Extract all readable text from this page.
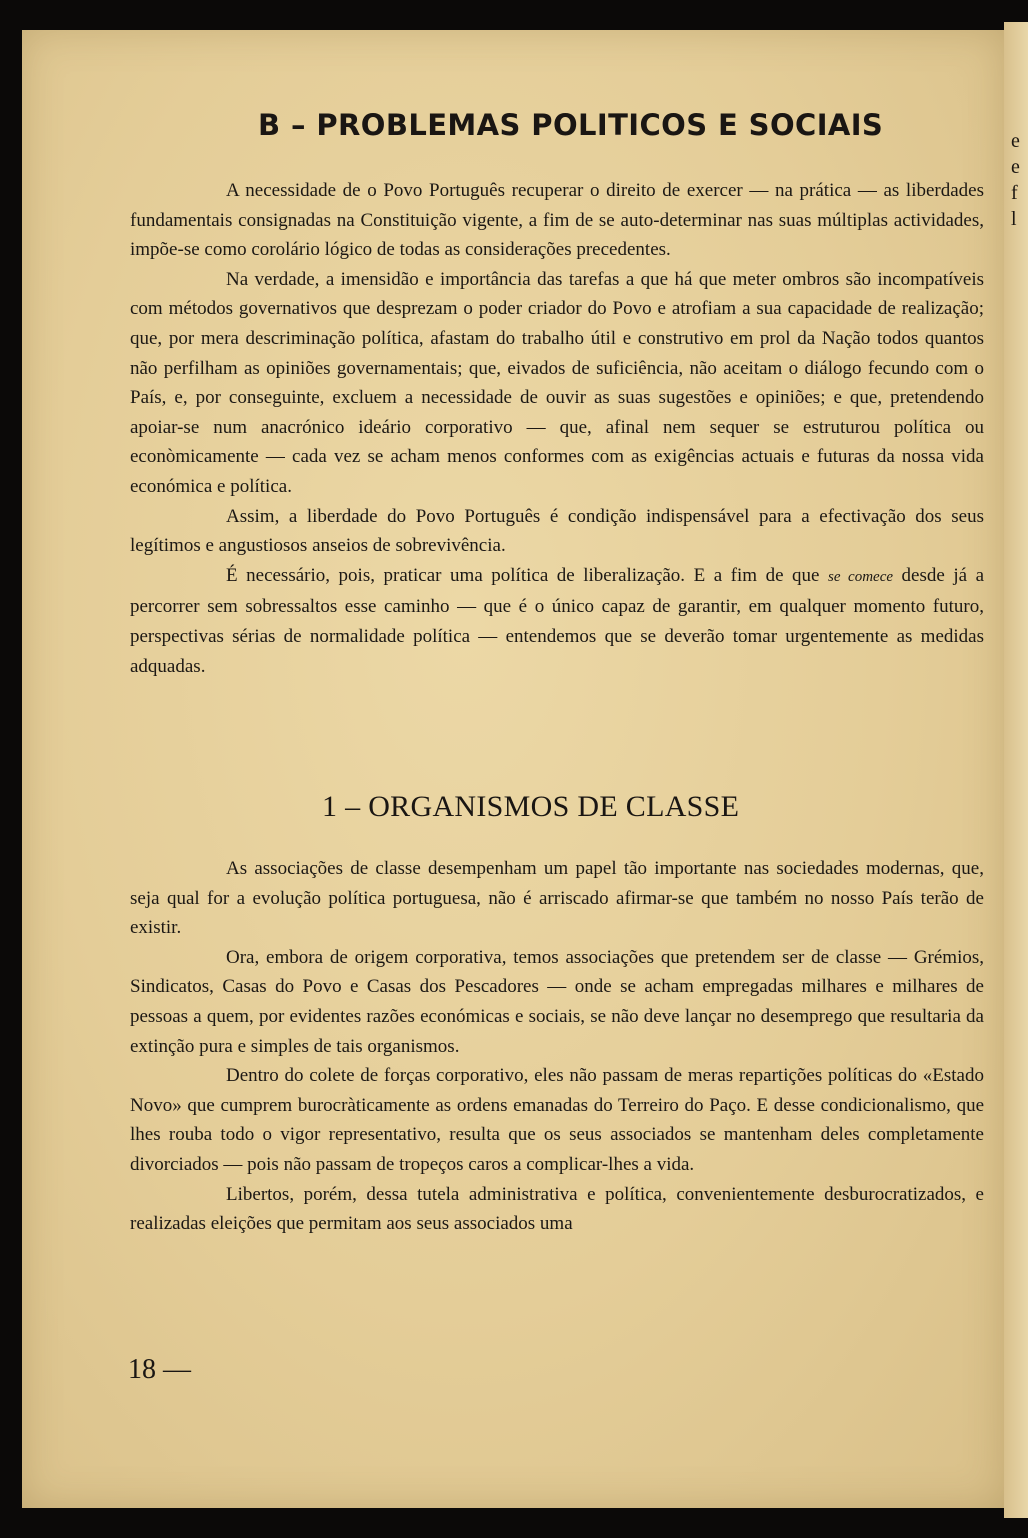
e
e
f
l
B – PROBLEMAS POLITICOS E SOCIAIS

A necessidade de o Povo Português recuperar o direito de exercer — na prática — as liberdades fundamentais consignadas na Constituição vigente, a fim de se auto-determinar nas suas múltiplas actividades, impõe-se como corolário lógico de todas as considerações precedentes.

Na verdade, a imensidão e importância das tarefas a que há que meter ombros são incompatíveis com métodos governativos que desprezam o poder criador do Povo e atrofiam a sua capacidade de realização; que, por mera descriminação política, afastam do trabalho útil e construtivo em prol da Nação todos quantos não perfilham as opiniões governamentais; que, eivados de suficiência, não aceitam o diálogo fecundo com o País, e, por conseguinte, excluem a necessidade de ouvir as suas sugestões e opiniões; e que, pretendendo apoiar-se num anacrónico ideário corporativo — que, afinal nem sequer se estruturou política ou econòmicamente — cada vez se acham menos conformes com as exigências actuais e futuras da nossa vida económica e política.

Assim, a liberdade do Povo Português é condição indispensável para a efectivação dos seus legítimos e angustiosos anseios de sobrevivência.

É necessário, pois, praticar uma política de liberalização. E a fim de que se comece desde já a percorrer sem sobressaltos esse caminho — que é o único capaz de garantir, em qualquer momento futuro, perspectivas sérias de normalidade política — entendemos que se deverão tomar urgentemente as medidas adquadas.

1 – ORGANISMOS DE CLASSE

As associações de classe desempenham um papel tão importante nas sociedades modernas, que, seja qual for a evolução política portuguesa, não é arriscado afirmar-se que também no nosso País terão de existir.

Ora, embora de origem corporativa, temos associações que pretendem ser de classe — Grémios, Sindicatos, Casas do Povo e Casas dos Pescadores — onde se acham empregadas milhares e milhares de pessoas a quem, por evidentes razões económicas e sociais, se não deve lançar no desemprego que resultaria da extinção pura e simples de tais organismos.

Dentro do colete de forças corporativo, eles não passam de meras repartições políticas do «Estado Novo» que cumprem burocràticamente as ordens emanadas do Terreiro do Paço. E desse condicionalismo, que lhes rouba todo o vigor representativo, resulta que os seus associados se mantenham deles completamente divorciados — pois não passam de tropeços caros a complicar-lhes a vida.

Libertos, porém, dessa tutela administrativa e política, convenientemente desburocratizados, e realizadas eleições que permitam aos seus associados uma

18 —
